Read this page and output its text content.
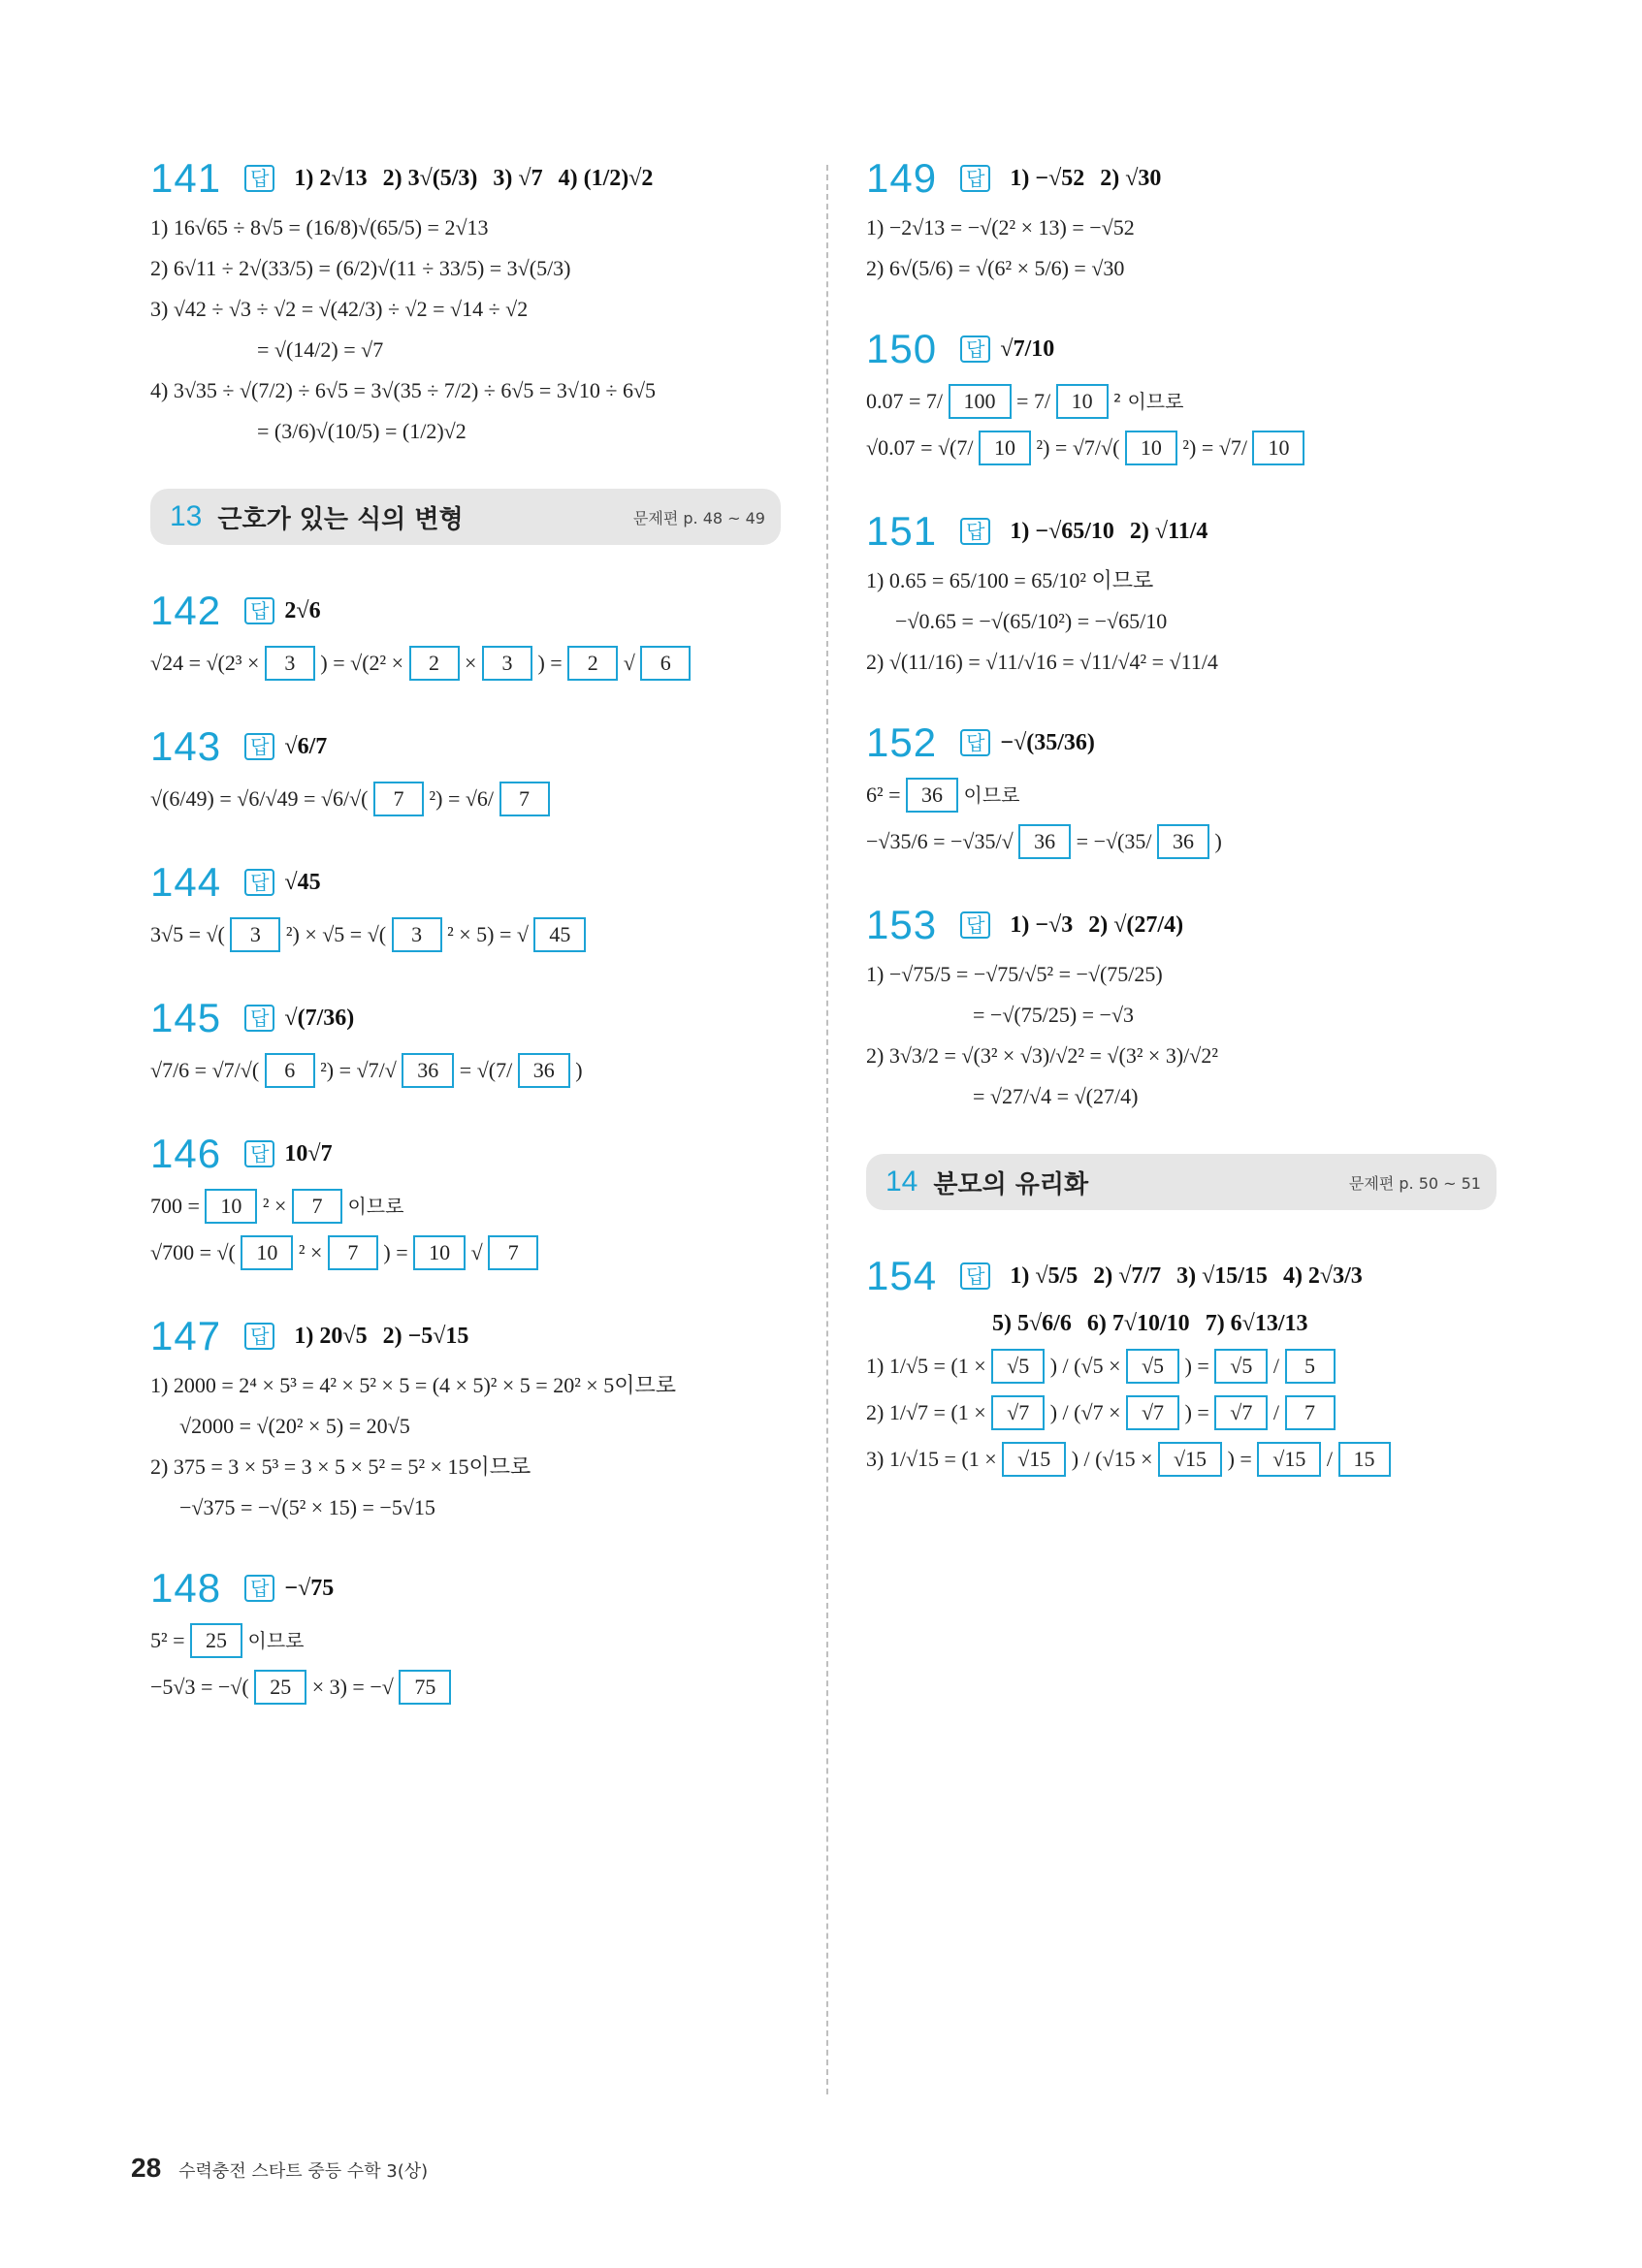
141	답	1) 2√13 2) 3√(5/3) 3) √7 4) (1/2)√2
1) 16√65 ÷ 8√5 = (16/8)√(65/5) = 2√13
2) 6√11 ÷ 2√(33/5) = (6/2)√(11 ÷ 33/5) = 3√(5/3)
3) √42 ÷ √3 ÷ √2 = √(42/3) ÷ √2 = √14 ÷ √2
= √(14/2) = √7
4) 3√35 ÷ √(7/2) ÷ 6√5 = 3√(35 ÷ 7/2) ÷ 6√5 = 3√10 ÷ 6√5
= (3/6)√(10/5) = (1/2)√2
13 근호가 있는 식의 변형	문제편 p. 48 ~ 49
142	답 2√6
√24 = √(2³ × 3 ) = √(2² × 2 × 3 ) = 2 √ 6
143	답 √6/7
√(6/49) = √6/√49 = √6/√( 7 ²) = √6/ 7
144	답 √45
3√5 = √( 3 ²) × √5 = √( 3 ² × 5) = √ 45
145	답 √(7/36)
√7/6 = √7/√( 6 ²) = √7/√ 36 = √(7/ 36 )
146	답 10√7
700 = 10 ² × 7 이므로
√700 = √( 10 ² × 7 ) = 10 √ 7
147	답	1) 20√5 2) −5√15
1) 2000 = 2⁴ × 5³ = 4² × 5² × 5 = (4 × 5)² × 5 = 20² × 5이므로
√2000 = √(20² × 5) = 20√5
2) 375 = 3 × 5³ = 3 × 5 × 5² = 5² × 15이므로
−√375 = −√(5² × 15) = −5√15
148	답 −√75
5² = 25 이므로
−5√3 = −√( 25 × 3) = −√ 75
149	답	1) −√52 2) √30
1) −2√13 = −√(2² × 13) = −√52
2) 6√(5/6) = √(6² × 5/6) = √30
150	답 √7/10
0.07 = 7/ 100 = 7/ 10 ² 이므로
√0.07 = √(7/ 10 ²) = √7/√( 10 ²) = √7/ 10
151	답	1) −√65/10 2) √11/4
1) 0.65 = 65/100 = 65/10² 이므로
−√0.65 = −√(65/10²) = −√65/10
2) √(11/16) = √11/√16 = √11/√4² = √11/4
152	답 −√(35/36)
6² = 36 이므로
−√35/6 = −√35/√ 36 = −√(35/ 36 )
153	답	1) −√3 2) √(27/4)
1) −√75/5 = −√75/√5² = −√(75/25)
= −√(75/25) = −√3
2) 3√3/2 = √(3² × √3)/√2² = √(3² × 3)/√2²
= √27/√4 = √(27/4)
14 분모의 유리화	문제편 p. 50 ~ 51
154	답	1) √5/5 2) √7/7 3) √15/15 4) 2√3/3
5) 5√6/6 6) 7√10/10 7) 6√13/13
1) 1/√5 = (1 × √5 ) / (√5 × √5 ) = √5 / 5
2) 1/√7 = (1 × √7 ) / (√7 × √7 ) = √7 / 7
3) 1/√15 = (1 × √15 ) / (√15 × √15 ) = √15 / 15
28 수력충전 스타트 중등 수학 3(상)
